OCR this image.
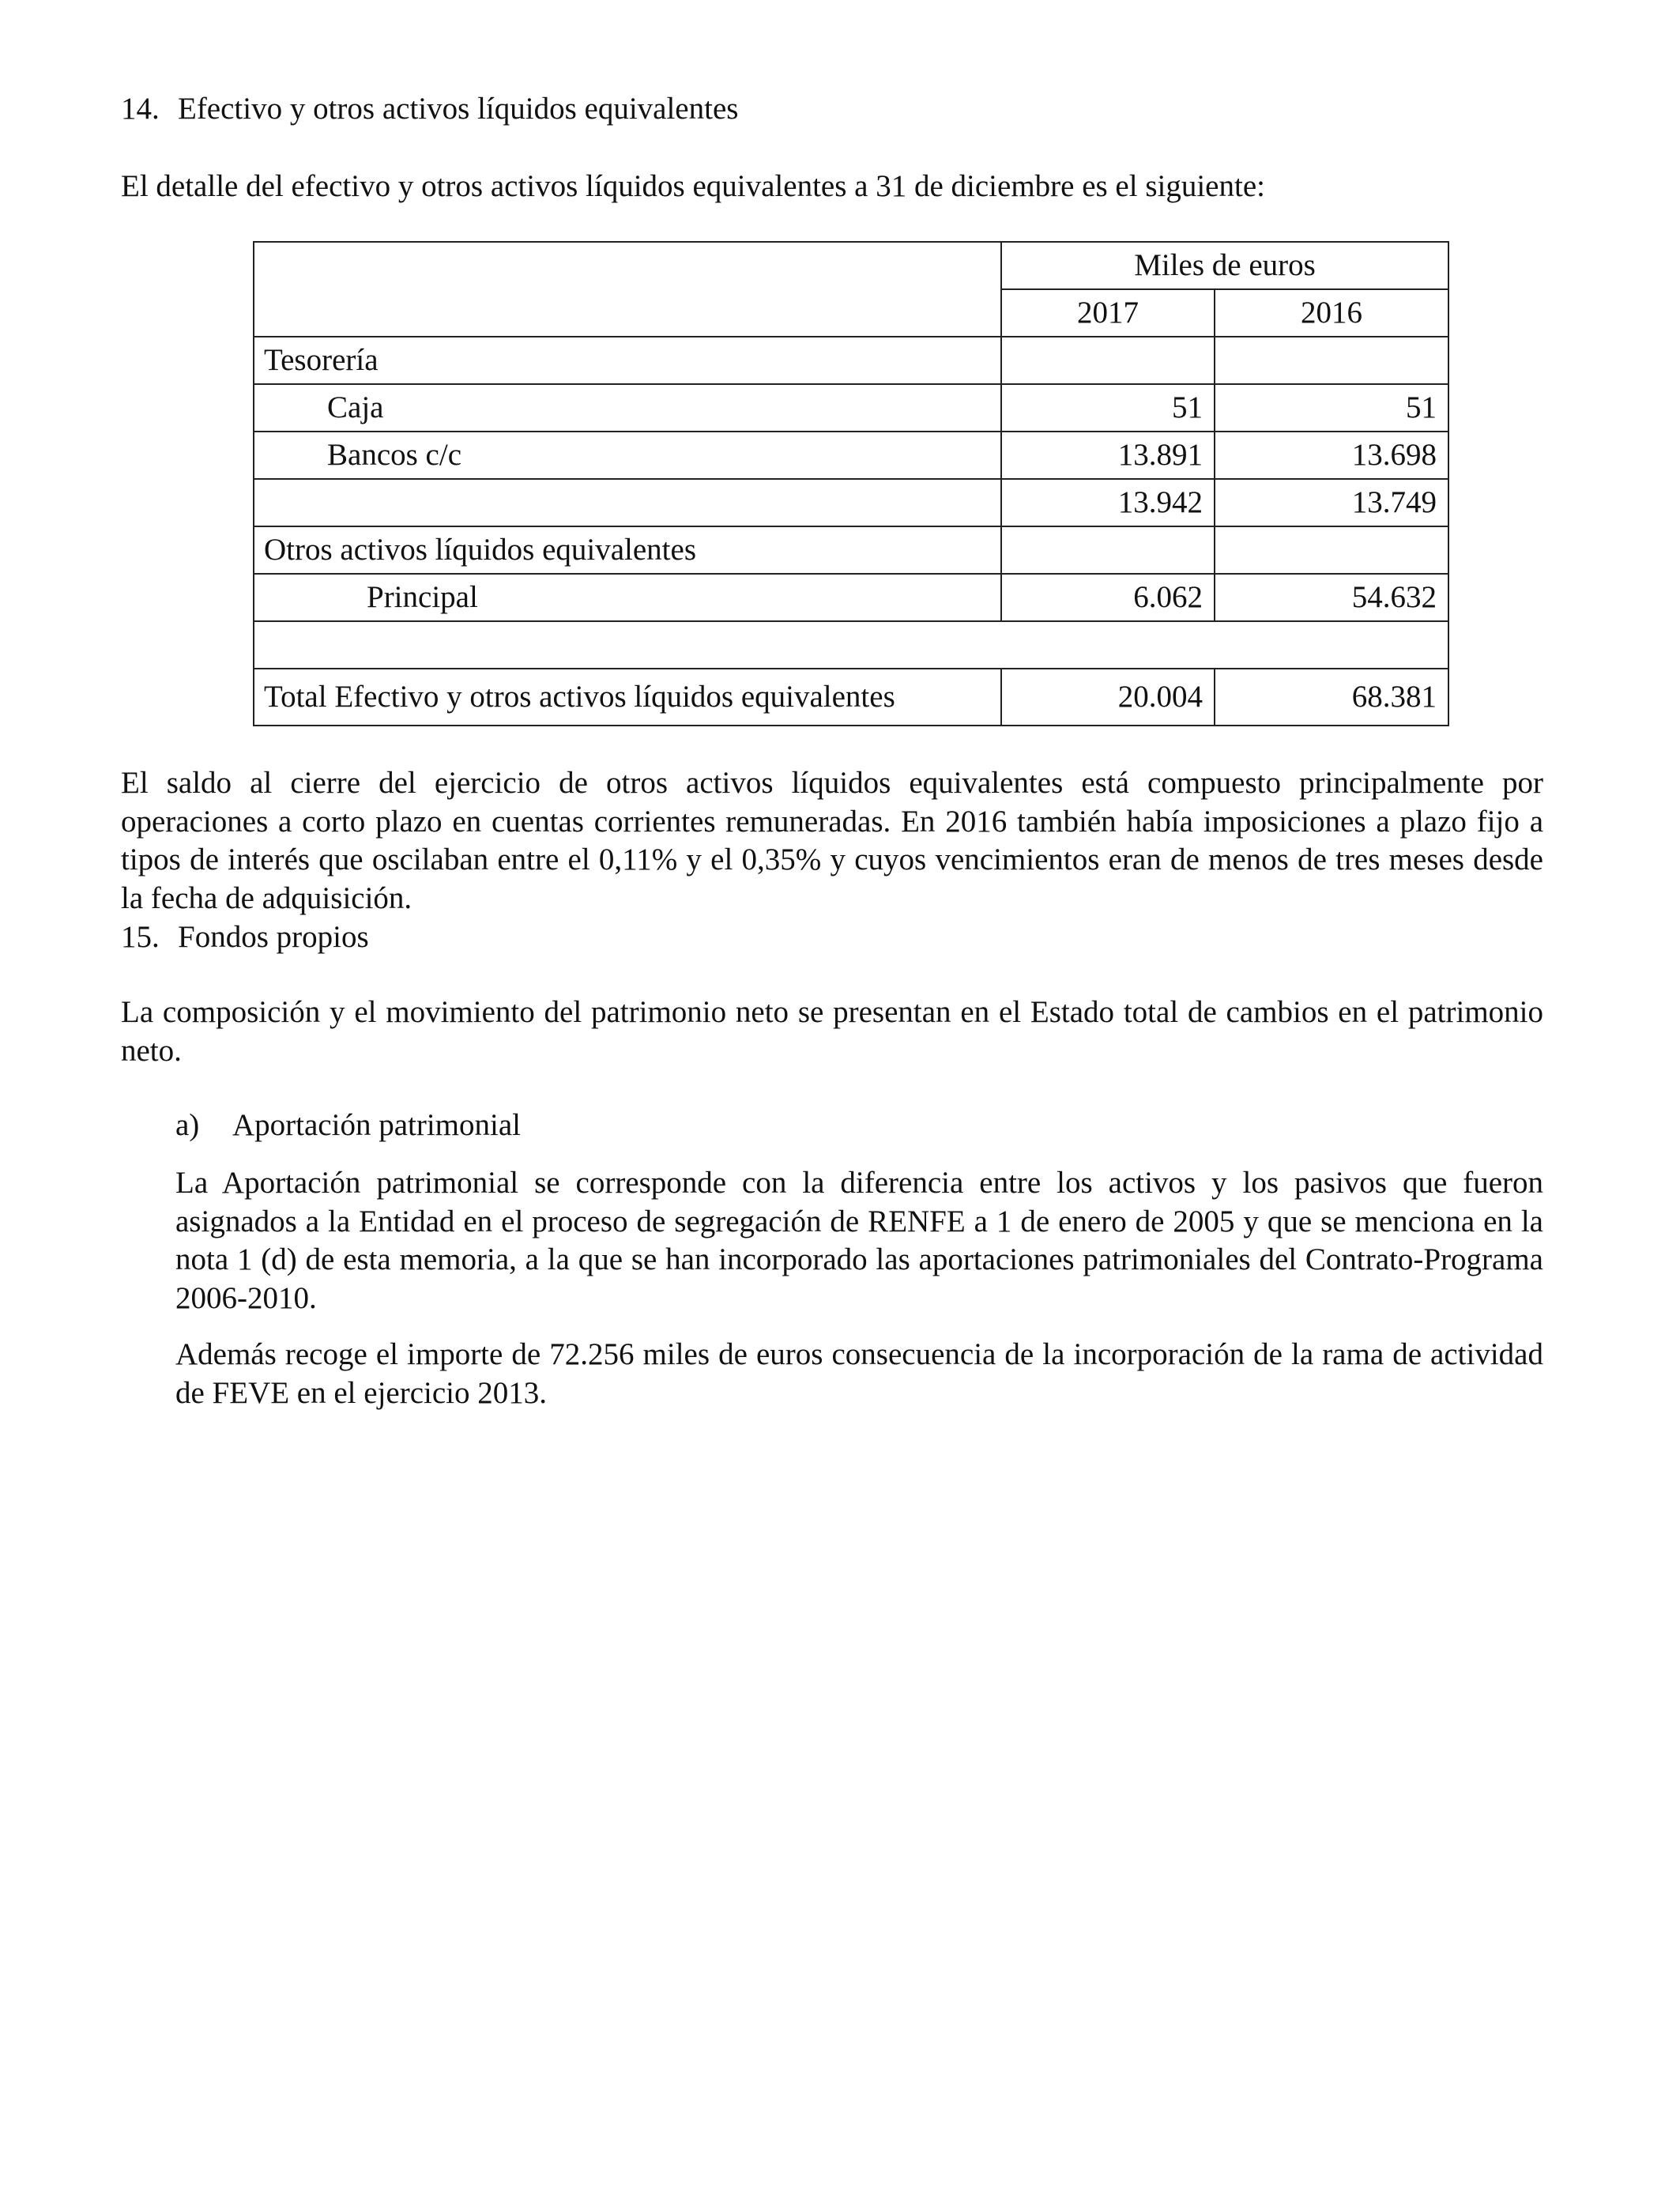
14. Efectivo y otros activos líquidos equivalentes
El detalle del efectivo y otros activos líquidos equivalentes a 31 de diciembre es el siguiente:
	Miles de euros	
	2017	2016
Tesorería		
Caja	51	51
Bancos c/c	13.891	13.698
	13.942	13.749
Otros activos líquidos equivalentes		
Principal	6.062	54.632

Total Efectivo y otros activos líquidos equivalentes	20.004	68.381
El saldo al cierre del ejercicio de otros activos líquidos equivalentes está compuesto principalmente por operaciones a corto plazo en cuentas corrientes remuneradas. En 2016 también había imposiciones a plazo fijo a tipos de interés que oscilaban entre el 0,11% y el 0,35% y cuyos vencimientos eran de menos de tres meses desde la fecha de adquisición.
15. Fondos propios
La composición y el movimiento del patrimonio neto se presentan en el Estado total de cambios en el patrimonio neto.
a) Aportación patrimonial
La Aportación patrimonial se corresponde con la diferencia entre los activos y los pasivos que fueron asignados a la Entidad en el proceso de segregación de RENFE a 1 de enero de 2005 y que se menciona en la nota 1 (d) de esta memoria, a la que se han incorporado las aportaciones patrimoniales del Contrato-Programa 2006-2010.
Además recoge el importe de 72.256 miles de euros consecuencia de la incorporación de la rama de actividad de FEVE en el ejercicio 2013.
